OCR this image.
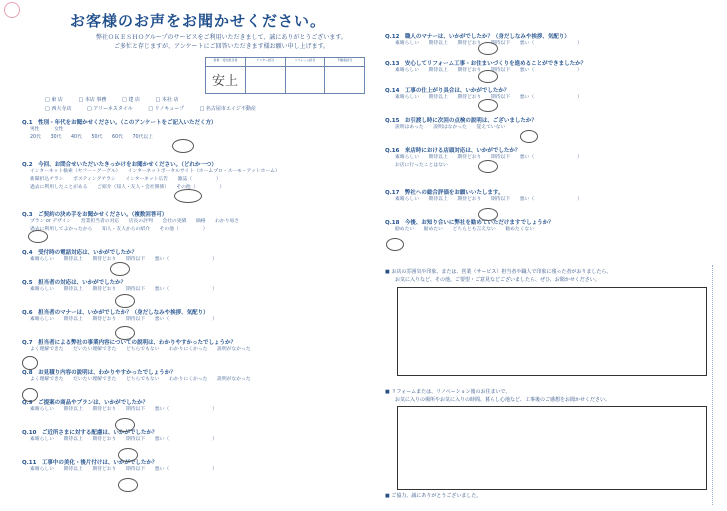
お客様のお声をお聞かせください。
弊社ＯＫＥＳＨＯグループのサービスをご利用いただきまして、誠にありがとうございます。
ご多忙と存じますが、アンケートにご回答いただきます様お願い申し上げます。
営業・受付担当者
安上
アフター担当	リフォーム担当	不動産担当
□ 東 店	□ 本店 事務	□ 建 店	□ 本社 店
□ 西大寺店	□ アリーネスタイル	□ リノキュープ	□ 名古屋市エイジ不動産
Q.1　性別・年代をお聞かせください。（このアンケートをご記入いただく方）
男性　　　女性
20代　　30代　　40代　　50代　　60代　　70代以上
Q.2　今回、お問合せいただいたきっかけをお聞かせください。（どれか一つ）
インターネット検索（ヤフー・グーグル）　　インターネットポータルサイト（ホームプロ・スーモ・アットホーム）
新聞折込チラシ　　ポスティングチラシ　　インターネット広告　　雑誌（　　　　　）
過去に利用したことがある　　ご紹介（知人・友人・会社関係）　　その他（　　　　　）
Q.3　ご契約の決め手をお聞かせください。（複数回答可）
プラン or デザイン　　営業担当者の対応　　店長の評判　　会社の実績　　価格　　わかり易さ
過去に利用してよかったから　　知人・友人からの紹介　　その他（　　　　　）
Q.4　受付時の電話対応は、いかがでしたか？
素晴らしい　　期待以上　　期待どおり　　期待以下　　悪い（　　　　　　　　　）
Q.5　担当者の対応は、いかがでしたか？
素晴らしい　　期待以上　　期待どおり　　期待以下　　悪い（　　　　　　　　　）
Q.6　担当者のマナーは、いかがでしたか？（身だしなみや挨拶、気配り）
素晴らしい　　期待以上　　期待どおり　　期待以下　　悪い（　　　　　　　　　）
Q.7　担当者による弊社の事業内容についての説明は、わかりやすかったでしょうか？
よく理解できた　　だいたい理解できた　　どちらでもない　　わかりにくかった　　説明がなかった
Q.8　お見積り内容の説明は、わかりやすかったでしょうか？
よく理解できた　　だいたい理解できた　　どちらでもない　　わかりにくかった　　説明がなかった
Q.9　ご提案の商品やプランは、いかがでしたか？
素晴らしい　　期待以上　　期待どおり　　期待以下　　悪い（　　　　　　　　　）
Q.10　ご近所さまに対する配慮は、いかがでしたか？
素晴らしい　　期待以上　　期待どおり　　期待以下　　悪い（　　　　　　　　　）
Q.11　工事中の美化・後片付けは、いかがでしたか？
素晴らしい　　期待以上　　期待どおり　　期待以下　　悪い（　　　　　　　　　）
Q.12　職人のマナーは、いかがでしたか？（身だしなみや挨拶、気配り）
素晴らしい　　期待以上　　期待どおり　　期待以下　　悪い（　　　　　　　　　）
Q.13　安心してリフォーム工事・お住まいづくりを進めることができましたか？
素晴らしい　　期待以上　　期待どおり　　期待以下　　悪い（　　　　　　　　　）
Q.14　工事の仕上がり具合は、いかがでしたか？
素晴らしい　　期待以上　　期待どおり　　期待以下　　悪い（　　　　　　　　　）
Q.15　お引渡し時に次回の点検の説明は、ございましたか？
説明はあった　　説明はなかった　　覚えていない
Q.16　来店時における店頭対応は、いかがでしたか？
素晴らしい　　期待以上　　期待どおり　　期待以下　　悪い（　　　　　　　　　）
お店に行ったことはない
Q.17　弊社への総合評価をお願いいたします。
素晴らしい　　期待以上　　期待どおり　　期待以下　　悪い（　　　　　　　　　）
Q.18　今後、お知り合いに弊社を勧めていただけますでしょうか？
勧めたい　　勧めたい　　どちらとも言えない　　勧めたくない
■ お店の雰囲気や印象、または、営業（サービス）担当者や職人で印象に残った者がおりましたら、
お気に入りなど、その他、ご要望・ご意見などございましたら、ぜひ、お聞かせください。
■ リフォームまたは、リノベーション後のお住まいで、
お気に入りの場所やお気に入りの時間、暮らし心地など、工事後のご感想をお聞かせください。
■ ご協力、誠にありがとうございました。
